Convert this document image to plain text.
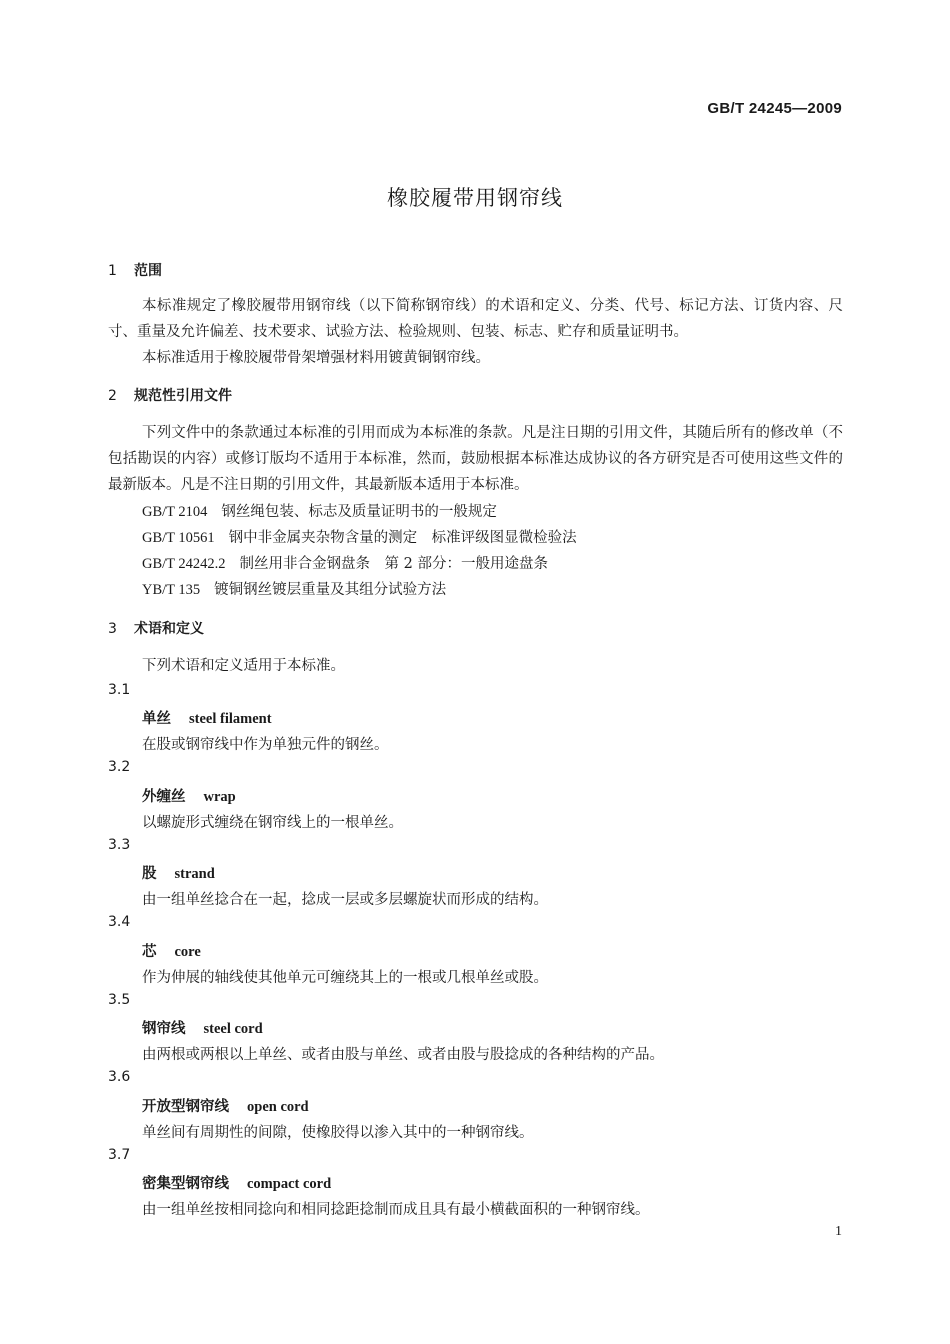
GB/T 24245—2009
橡胶履带用钢帘线
1 范围

本标准规定了橡胶履带用钢帘线（以下简称钢帘线）的术语和定义、分类、代号、标记方法、订货内容、尺寸、重量及允许偏差、技术要求、试验方法、检验规则、包装、标志、贮存和质量证明书。

本标准适用于橡胶履带骨架增强材料用镀黄铜钢帘线。

2 规范性引用文件

下列文件中的条款通过本标准的引用而成为本标准的条款。凡是注日期的引用文件，其随后所有的修改单（不包括勘误的内容）或修订版均不适用于本标准，然而，鼓励根据本标准达成协议的各方研究是否可使用这些文件的最新版本。凡是不注日期的引用文件，其最新版本适用于本标准。

GB/T 2104 钢丝绳包装、标志及质量证明书的一般规定
GB/T 10561 钢中非金属夹杂物含量的测定　标准评级图显微检验法
GB/T 24242.2 制丝用非合金钢盘条　第 2 部分：一般用途盘条
YB/T 135 镀铜钢丝镀层重量及其组分试验方法
3 术语和定义
下列术语和定义适用于本标准。
3.1
单丝 steel filament
在股或钢帘线中作为单独元件的钢丝。
3.2
外缠丝 wrap
以螺旋形式缠绕在钢帘线上的一根单丝。
3.3
股 strand
由一组单丝捻合在一起，捻成一层或多层螺旋状而形成的结构。
3.4
芯 core
作为伸展的轴线使其他单元可缠绕其上的一根或几根单丝或股。
3.5
钢帘线 steel cord
由两根或两根以上单丝、或者由股与单丝、或者由股与股捻成的各种结构的产品。
3.6
开放型钢帘线 open cord
单丝间有周期性的间隙，使橡胶得以渗入其中的一种钢帘线。
3.7
密集型钢帘线 compact cord
由一组单丝按相同捻向和相同捻距捻制而成且具有最小横截面积的一种钢帘线。
1
